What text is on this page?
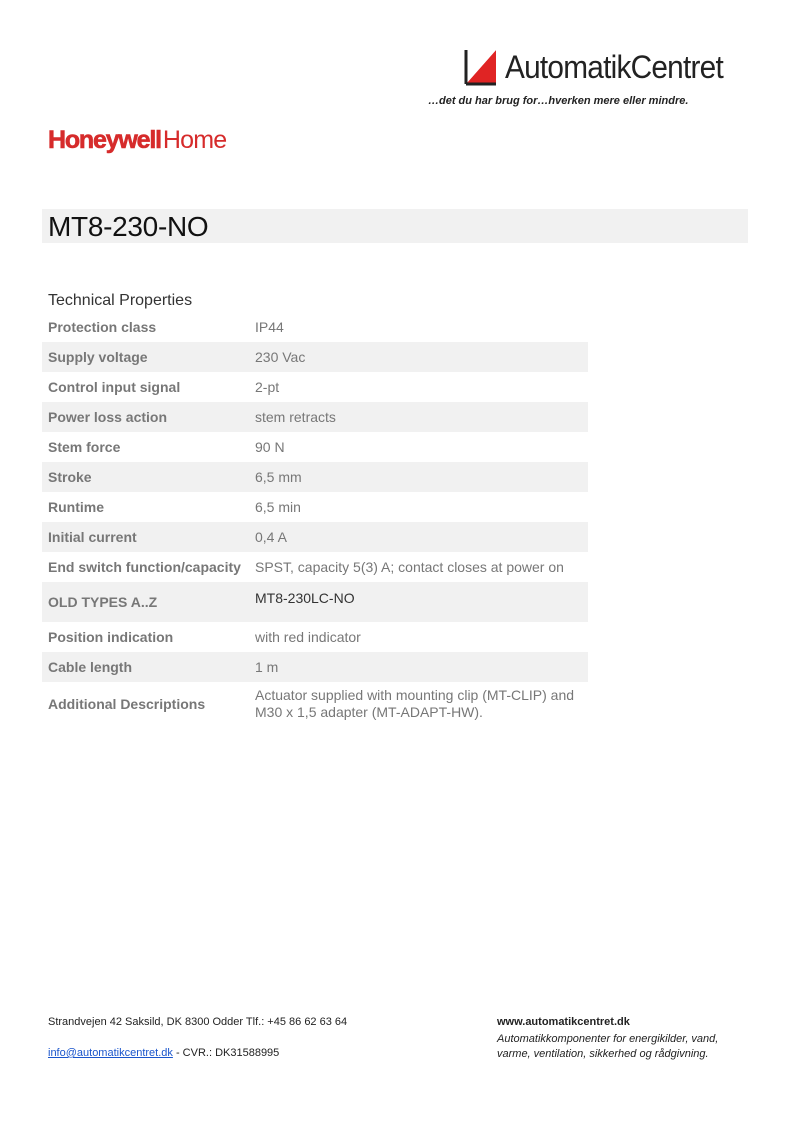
AutomatikCentret
…det du har brug for…hverken mere eller mindre.
Honeywell Home
MT8-230-NO
Technical Properties
Protection class	IP44
Supply voltage	230 Vac
Control input signal	2-pt
Power loss action	stem retracts
Stem force	90 N
Stroke	6,5 mm
Runtime	6,5 min
Initial current	0,4 A
End switch function/capacity	SPST, capacity 5(3) A; contact closes at power on
OLD TYPES A..Z	MT8-230LC-NO
Position indication	with red indicator
Cable length	1 m
Additional Descriptions	Actuator supplied with mounting clip (MT-CLIP) and M30 x 1,5 adapter (MT-ADAPT-HW).
Strandvejen 42 Saksild, DK 8300 Odder Tlf.: +45 86 62 63 64
info@automatikcentret.dk - CVR.: DK31588995
www.automatikcentret.dk
Automatikkomponenter for energikilder, vand, varme, ventilation, sikkerhed og rådgivning.
